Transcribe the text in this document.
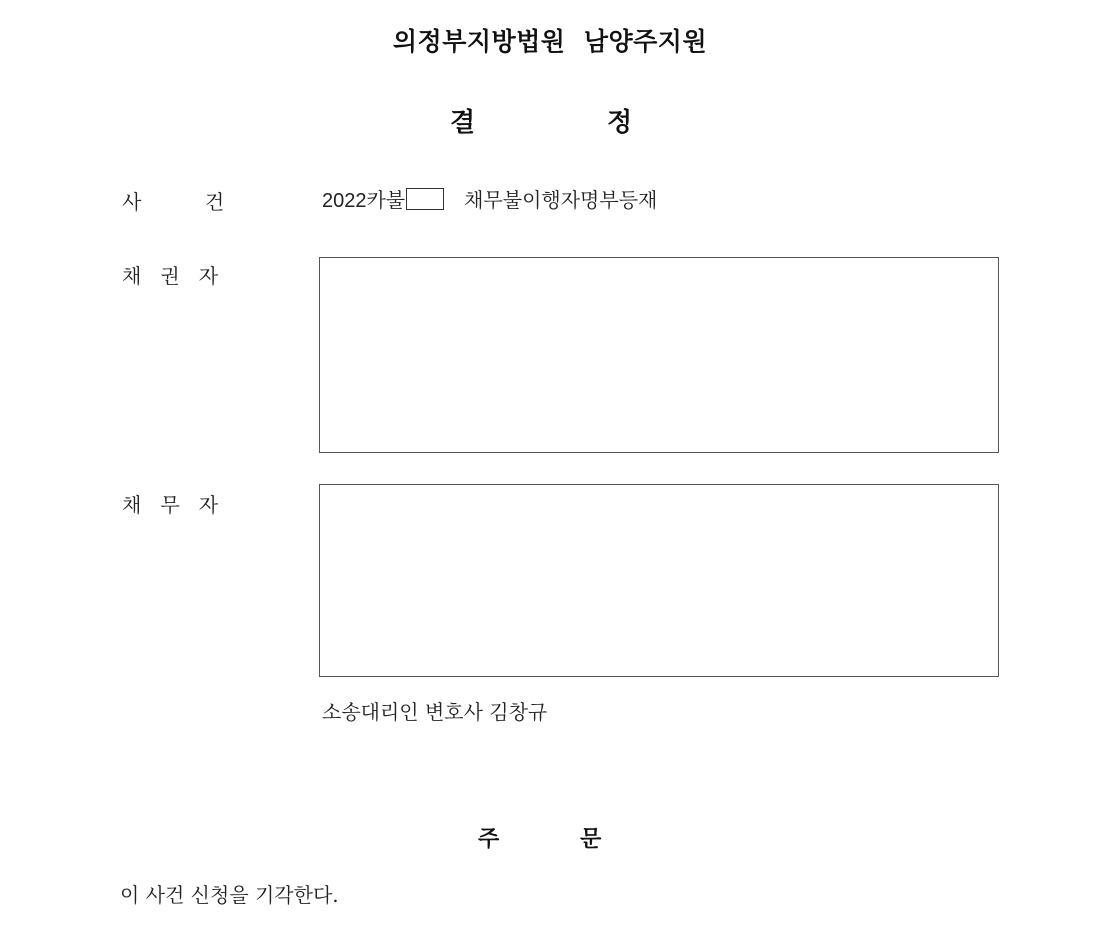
의정부지방법원  남양주지원
결	정
사          건	2022카불	채무불이행자명부등재
채   권   자
채   무   자
소송대리인 변호사 김창규
주	문
이 사건 신청을 기각한다.
